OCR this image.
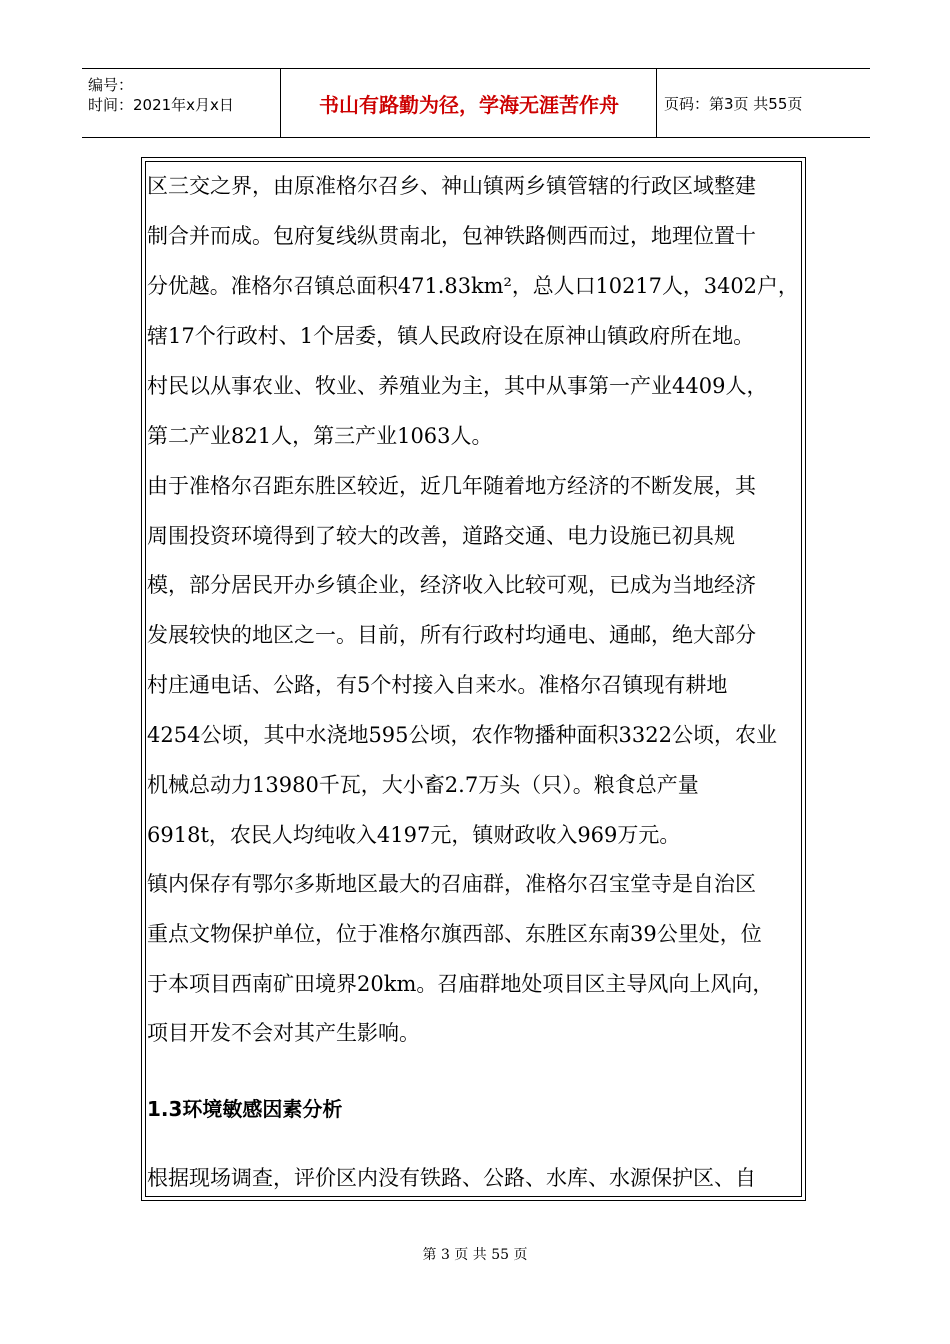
编号：
时间：2021年x月x日	书山有路勤为径，学海无涯苦作舟	页码：第3页 共55页
区三交之界，由原准格尔召乡、神山镇两乡镇管辖的行政区域整建
制合并而成。包府复线纵贯南北，包神铁路侧西而过，地理位置十
分优越。准格尔召镇总面积471.83km²，总人口10217人，3402户，
辖17个行政村、1个居委，镇人民政府设在原神山镇政府所在地。
村民以从事农业、牧业、养殖业为主，其中从事第一产业4409人，
第二产业821人，第三产业1063人。
由于准格尔召距东胜区较近，近几年随着地方经济的不断发展，其
周围投资环境得到了较大的改善，道路交通、电力设施已初具规
模，部分居民开办乡镇企业，经济收入比较可观，已成为当地经济
发展较快的地区之一。目前，所有行政村均通电、通邮，绝大部分
村庄通电话、公路，有5个村接入自来水。准格尔召镇现有耕地
4254公顷，其中水浇地595公顷，农作物播种面积3322公顷，农业
机械总动力13980千瓦，大小畜2.7万头（只）。粮食总产量
6918t，农民人均纯收入4197元，镇财政收入969万元。
镇内保存有鄂尔多斯地区最大的召庙群，准格尔召宝堂寺是自治区
重点文物保护单位，位于准格尔旗西部、东胜区东南39公里处，位
于本项目西南矿田境界20km。召庙群地处项目区主导风向上风向，
项目开发不会对其产生影响。
1.3环境敏感因素分析
根据现场调查，评价区内没有铁路、公路、水库、水源保护区、自
第 3 页 共 55 页
